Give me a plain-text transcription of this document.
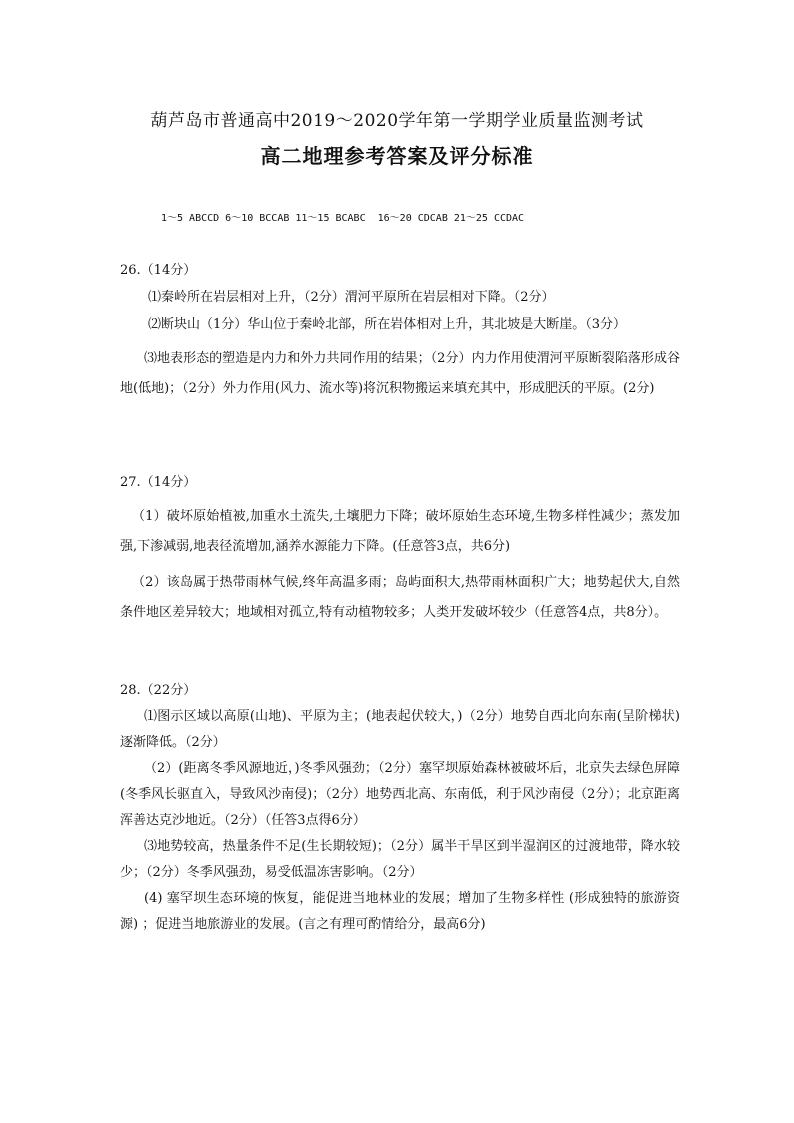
葫芦岛市普通高中2019～2020学年第一学期学业质量监测考试
高二地理参考答案及评分标准
1～5 ABCCD 6～10 BCCAB 11～15 BCABC  16～20 CDCAB 21～25 CCDAC
26.（14分）

⑴秦岭所在岩层相对上升，（2分）渭河平原所在岩层相对下降。（2分）

⑵断块山（1分）华山位于秦岭北部，所在岩体相对上升，其北坡是大断崖。（3分）

⑶地表形态的塑造是内力和外力共同作用的结果；（2分）内力作用使渭河平原断裂陷落形成谷地(低地)；（2分）外力作用(风力、流水等)将沉积物搬运来填充其中，形成肥沃的平原。(2分)

27.（14分）

（1）破坏原始植被,加重水土流失,土壤肥力下降；破坏原始生态环境,生物多样性减少；蒸发加强,下渗减弱,地表径流增加,涵养水源能力下降。(任意答3点，共6分)

（2）该岛属于热带雨林气候,终年高温多雨；岛屿面积大,热带雨林面积广大；地势起伏大,自然条件地区差异较大；地域相对孤立,特有动植物较多；人类开发破坏较少（任意答4点，共8分）。

28.（22分）

⑴图示区域以高原(山地)、平原为主；(地表起伏较大，)（2分）地势自西北向东南(呈阶梯状)逐渐降低。（2分）

（2）(距离冬季风源地近，)冬季风强劲；（2分）塞罕坝原始森林被破坏后，北京失去绿色屏障(冬季风长驱直入，导致风沙南侵)；（2分）地势西北高、东南低，利于风沙南侵（2分）；北京距离浑善达克沙地近。（2分）（任答3点得6分）

⑶地势较高，热量条件不足(生长期较短)；（2分）属半干旱区到半湿润区的过渡地带，降水较少；（2分）冬季风强劲，易受低温冻害影响。（2分）

(4) 塞罕坝生态环境的恢复，能促进当地林业的发展；增加了生物多样性 (形成独特的旅游资源) ；促进当地旅游业的发展。(言之有理可酌情给分，最高6分)
